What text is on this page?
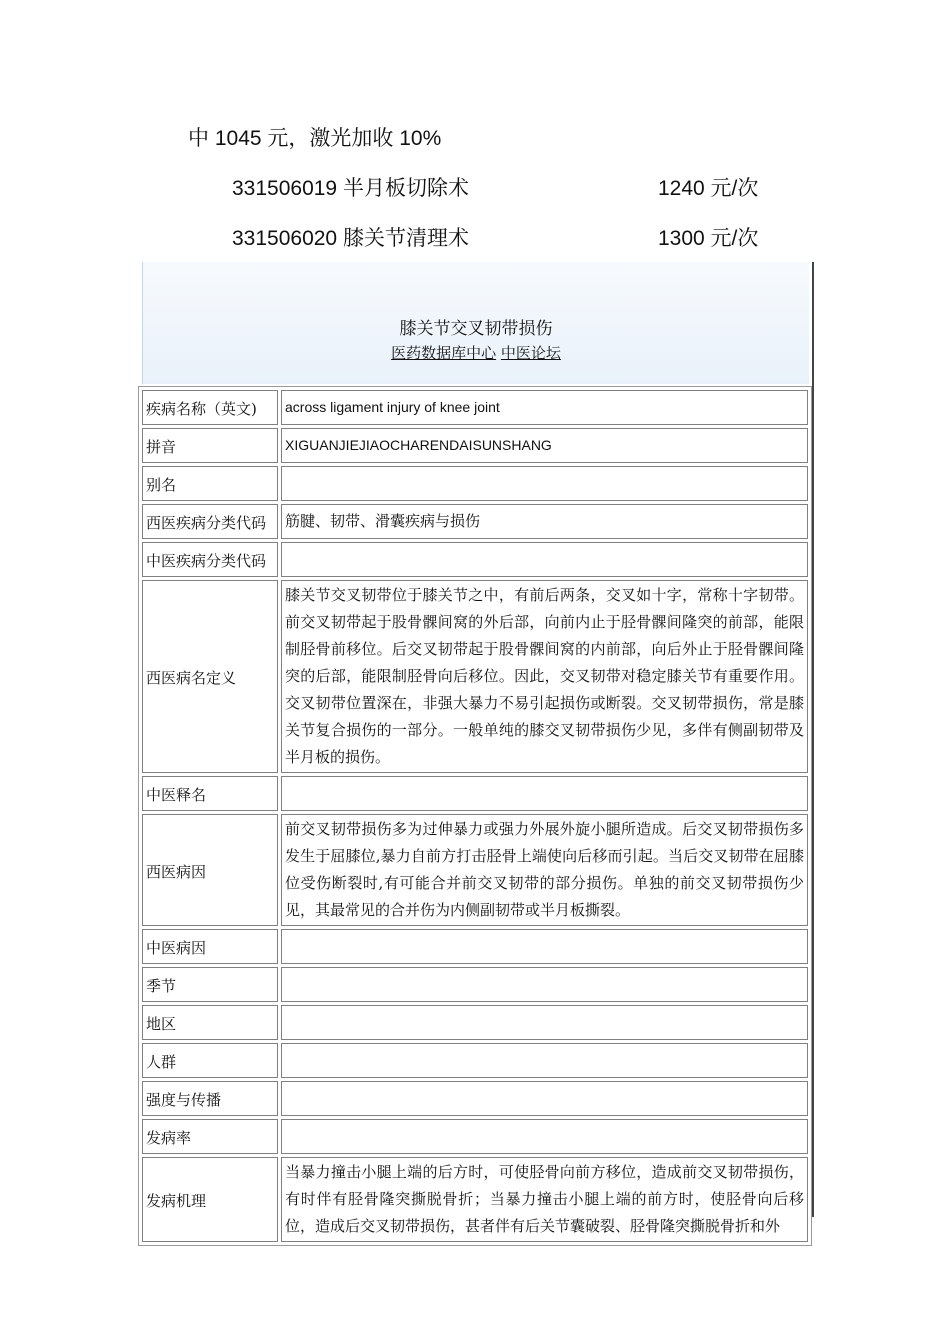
中 1045 元，激光加收 10%
331506019 半月板切除术	1240 元/次
331506020 膝关节清理术	1300 元/次
膝关节交叉韧带损伤
医药数据库中心 中医论坛
疾病名称（英文)	across ligament injury of knee joint
拼音	XIGUANJIEJIAOCHARENDAISUNSHANG
别名	
西医疾病分类代码	筋腱、韧带、滑囊疾病与损伤
中医疾病分类代码	
西医病名定义	膝关节交叉韧带位于膝关节之中，有前后两条，交叉如十字，常称十字韧带。前交叉韧带起于股骨髁间窝的外后部，向前内止于胫骨髁间隆突的前部，能限制胫骨前移位。后交叉韧带起于股骨髁间窝的内前部，向后外止于胫骨髁间隆突的后部，能限制胫骨向后移位。因此，交叉韧带对稳定膝关节有重要作用。交叉韧带位置深在，非强大暴力不易引起损伤或断裂。交叉韧带损伤，常是膝关节复合损伤的一部分。一般单纯的膝交叉韧带损伤少见，多伴有侧副韧带及半月板的损伤。
中医释名	
西医病因	前交叉韧带损伤多为过伸暴力或强力外展外旋小腿所造成。后交叉韧带损伤多发生于屈膝位,暴力自前方打击胫骨上端使向后移而引起。当后交叉韧带在屈膝位受伤断裂时,有可能合并前交叉韧带的部分损伤。单独的前交叉韧带损伤少见，其最常见的合并伤为内侧副韧带或半月板撕裂。
中医病因	
季节	
地区	
人群	
强度与传播	
发病率	
发病机理	当暴力撞击小腿上端的后方时，可使胫骨向前方移位，造成前交叉韧带损伤，有时伴有胫骨隆突撕脱骨折；当暴力撞击小腿上端的前方时，使胫骨向后移位，造成后交叉韧带损伤，甚者伴有后关节囊破裂、胫骨隆突撕脱骨折和外
